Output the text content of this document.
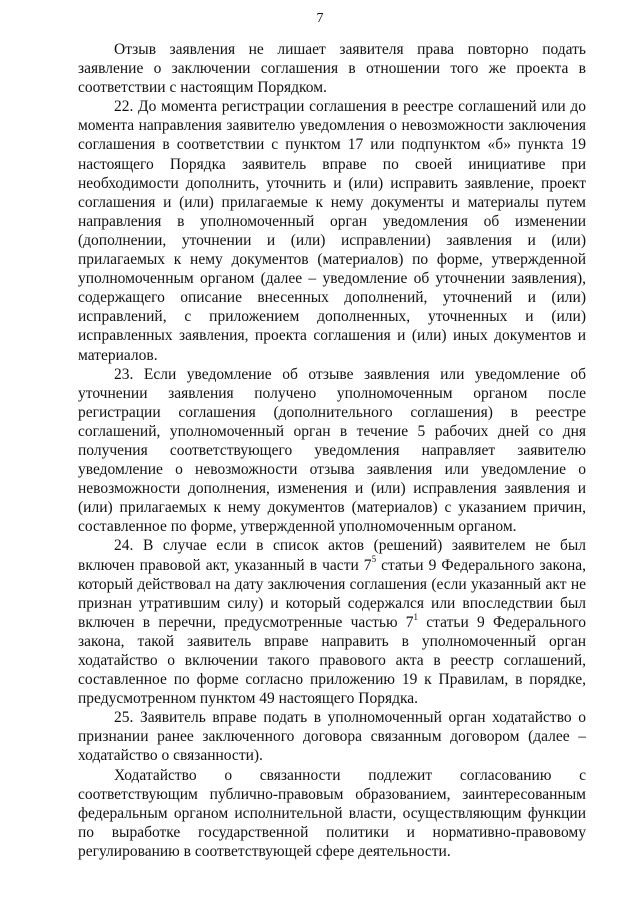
7

Отзыв заявления не лишает заявителя права повторно подать заявление о заключении соглашения в отношении того же проекта в соответствии с настоящим Порядком.

22. До момента регистрации соглашения в реестре соглашений или до момента направления заявителю уведомления о невозможности заключения соглашения в соответствии с пунктом 17 или подпунктом «б» пункта 19 настоящего Порядка заявитель вправе по своей инициативе при необходимости дополнить, уточнить и (или) исправить заявление, проект соглашения и (или) прилагаемые к нему документы и материалы путем направления в уполномоченный орган уведомления об изменении (дополнении, уточнении и (или) исправлении) заявления и (или) прилагаемых к нему документов (материалов) по форме, утвержденной уполномоченным органом (далее – уведомление об уточнении заявления), содержащего описание внесенных дополнений, уточнений и (или) исправлений, с приложением дополненных, уточненных и (или) исправленных заявления, проекта соглашения и (или) иных документов и материалов.

23. Если уведомление об отзыве заявления или уведомление об уточнении заявления получено уполномоченным органом после регистрации соглашения (дополнительного соглашения) в реестре соглашений, уполномоченный орган в течение 5 рабочих дней со дня получения соответствующего уведомления направляет заявителю уведомление о невозможности отзыва заявления или уведомление о невозможности дополнения, изменения и (или) исправления заявления и (или) прилагаемых к нему документов (материалов) с указанием причин, составленное по форме, утвержденной уполномоченным органом.

24. В случае если в список актов (решений) заявителем не был включен правовой акт, указанный в части $7^5$ статьи 9 Федерального закона, который действовал на дату заключения соглашения (если указанный акт не признан утратившим силу) и который содержался или впоследствии был включен в перечни, предусмотренные частью $7^1$ статьи 9 Федерального закона, такой заявитель вправе направить в уполномоченный орган ходатайство о включении такого правового акта в реестр соглашений, составленное по форме согласно приложению 19 к Правилам, в порядке, предусмотренном пунктом 49 настоящего Порядка.

25. Заявитель вправе подать в уполномоченный орган ходатайство о признании ранее заключенного договора связанным договором (далее – ходатайство о связанности).

Ходатайство о связанности подлежит согласованию с соответствующим публично-правовым образованием, заинтересованным федеральным органом исполнительной власти, осуществляющим функции по выработке государственной политики и нормативно-правовому регулированию в соответствующей сфере деятельности.
